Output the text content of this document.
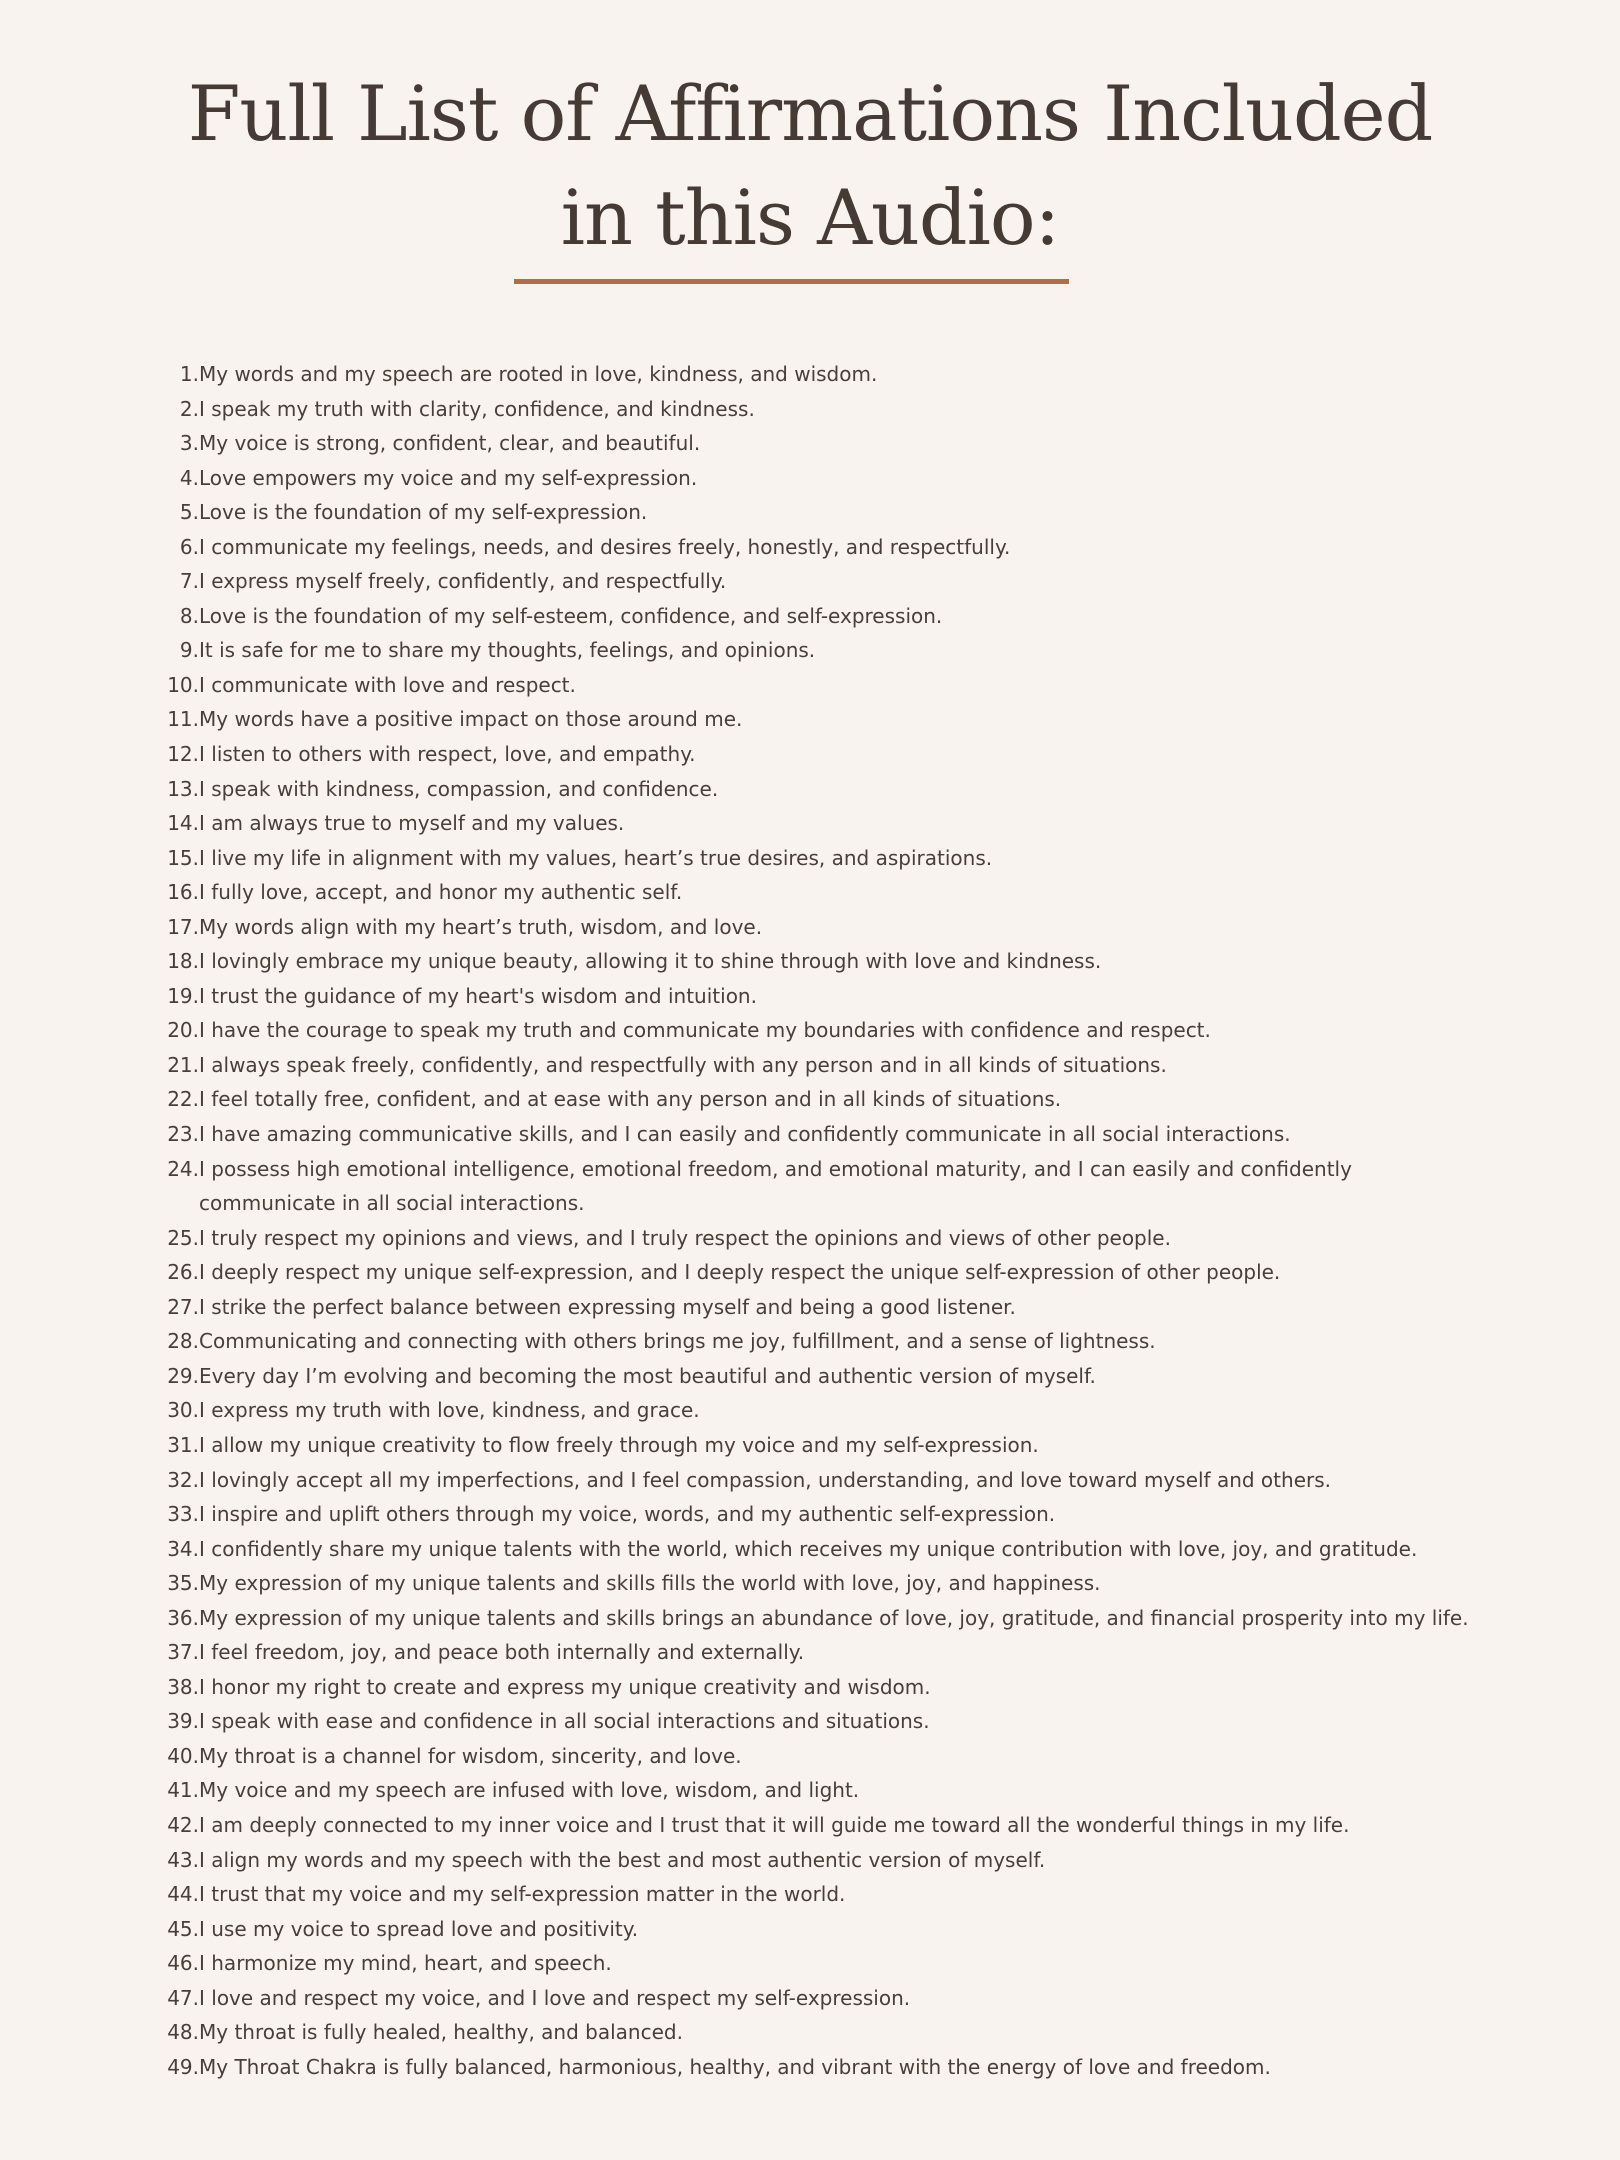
Full List of Affirmations Included
in this Audio:
1. My words and my speech are rooted in love, kindness, and wisdom.
2. I speak my truth with clarity, confidence, and kindness.
3. My voice is strong, confident, clear, and beautiful.
4. Love empowers my voice and my self-expression.
5. Love is the foundation of my self-expression.
6. I communicate my feelings, needs, and desires freely, honestly, and respectfully.
7. I express myself freely, confidently, and respectfully.
8. Love is the foundation of my self-esteem, confidence, and self-expression.
9. It is safe for me to share my thoughts, feelings, and opinions.
10. I communicate with love and respect.
11. My words have a positive impact on those around me.
12. I listen to others with respect, love, and empathy.
13. I speak with kindness, compassion, and confidence.
14. I am always true to myself and my values.
15. I live my life in alignment with my values, heart’s true desires, and aspirations.
16. I fully love, accept, and honor my authentic self.
17. My words align with my heart’s truth, wisdom, and love.
18. I lovingly embrace my unique beauty, allowing it to shine through with love and kindness.
19. I trust the guidance of my heart's wisdom and intuition.
20. I have the courage to speak my truth and communicate my boundaries with confidence and respect.
21. I always speak freely, confidently, and respectfully with any person and in all kinds of situations.
22. I feel totally free, confident, and at ease with any person and in all kinds of situations.
23. I have amazing communicative skills, and I can easily and confidently communicate in all social interactions.
24. I possess high emotional intelligence, emotional freedom, and emotional maturity, and I can easily and confidently communicate in all social interactions.
25. I truly respect my opinions and views, and I truly respect the opinions and views of other people.
26. I deeply respect my unique self-expression, and I deeply respect the unique self-expression of other people.
27. I strike the perfect balance between expressing myself and being a good listener.
28. Communicating and connecting with others brings me joy, fulfillment, and a sense of lightness.
29. Every day I’m evolving and becoming the most beautiful and authentic version of myself.
30. I express my truth with love, kindness, and grace.
31. I allow my unique creativity to flow freely through my voice and my self-expression.
32. I lovingly accept all my imperfections, and I feel compassion, understanding, and love toward myself and others.
33. I inspire and uplift others through my voice, words, and my authentic self-expression.
34. I confidently share my unique talents with the world, which receives my unique contribution with love, joy, and gratitude.
35. My expression of my unique talents and skills fills the world with love, joy, and happiness.
36. My expression of my unique talents and skills brings an abundance of love, joy, gratitude, and financial prosperity into my life.
37. I feel freedom, joy, and peace both internally and externally.
38. I honor my right to create and express my unique creativity and wisdom.
39. I speak with ease and confidence in all social interactions and situations.
40. My throat is a channel for wisdom, sincerity, and love.
41. My voice and my speech are infused with love, wisdom, and light.
42. I am deeply connected to my inner voice and I trust that it will guide me toward all the wonderful things in my life.
43. I align my words and my speech with the best and most authentic version of myself.
44. I trust that my voice and my self-expression matter in the world.
45. I use my voice to spread love and positivity.
46. I harmonize my mind, heart, and speech.
47. I love and respect my voice, and I love and respect my self-expression.
48. My throat is fully healed, healthy, and balanced.
49. My Throat Chakra is fully balanced, harmonious, healthy, and vibrant with the energy of love and freedom.
